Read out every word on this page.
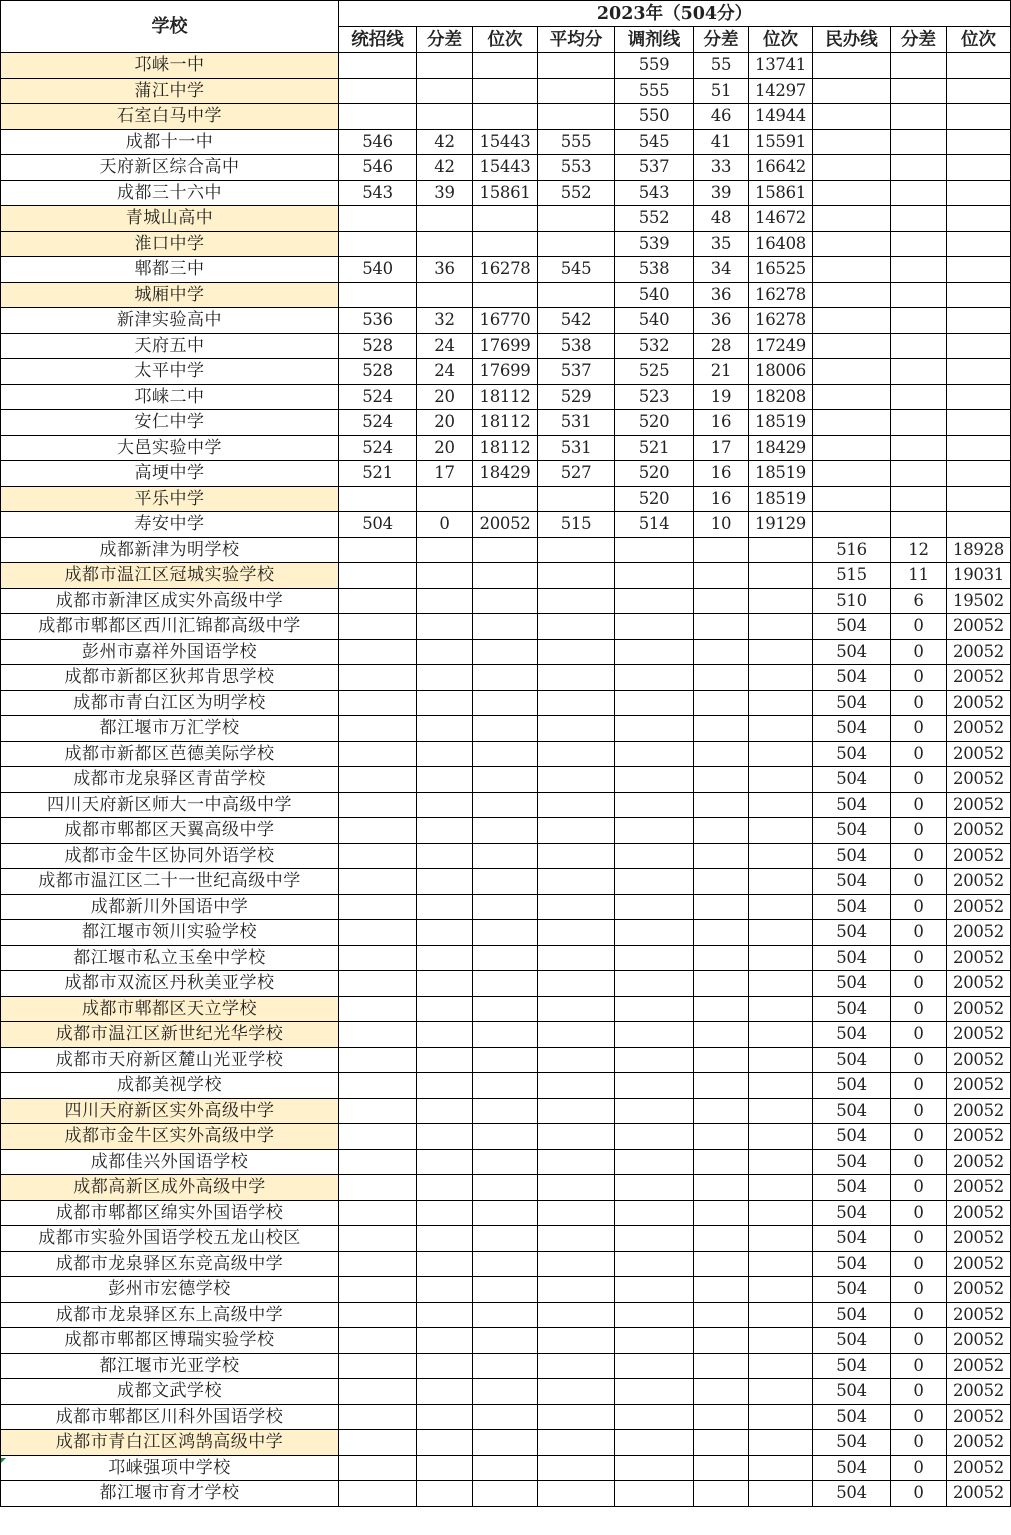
学校	2023年（504分）									
	统招线	分差	位次	平均分	调剂线	分差	位次	民办线	分差	位次
邛崃一中					559	55	13741			
蒲江中学					555	51	14297			
石室白马中学					550	46	14944			
成都十一中	546	42	15443	555	545	41	15591			
天府新区综合高中	546	42	15443	553	537	33	16642			
成都三十六中	543	39	15861	552	543	39	15861			
青城山高中					552	48	14672			
淮口中学					539	35	16408			
郫都三中	540	36	16278	545	538	34	16525			
城厢中学					540	36	16278			
新津实验高中	536	32	16770	542	540	36	16278			
天府五中	528	24	17699	538	532	28	17249			
太平中学	528	24	17699	537	525	21	18006			
邛崃二中	524	20	18112	529	523	19	18208			
安仁中学	524	20	18112	531	520	16	18519			
大邑实验中学	524	20	18112	531	521	17	18429			
高埂中学	521	17	18429	527	520	16	18519			
平乐中学					520	16	18519			
寿安中学	504	0	20052	515	514	10	19129			
成都新津为明学校								516	12	18928
成都市温江区冠城实验学校								515	11	19031
成都市新津区成实外高级中学								510	6	19502
成都市郫都区西川汇锦都高级中学								504	0	20052
彭州市嘉祥外国语学校								504	0	20052
成都市新都区狄邦肯思学校								504	0	20052
成都市青白江区为明学校								504	0	20052
都江堰市万汇学校								504	0	20052
成都市新都区芭德美际学校								504	0	20052
成都市龙泉驿区青苗学校								504	0	20052
四川天府新区师大一中高级中学								504	0	20052
成都市郫都区天翼高级中学								504	0	20052
成都市金牛区协同外语学校								504	0	20052
成都市温江区二十一世纪高级中学								504	0	20052
成都新川外国语中学								504	0	20052
都江堰市领川实验学校								504	0	20052
都江堰市私立玉垒中学校								504	0	20052
成都市双流区丹秋美亚学校								504	0	20052
成都市郫都区天立学校								504	0	20052
成都市温江区新世纪光华学校								504	0	20052
成都市天府新区麓山光亚学校								504	0	20052
成都美视学校								504	0	20052
四川天府新区实外高级中学								504	0	20052
成都市金牛区实外高级中学								504	0	20052
成都佳兴外国语学校								504	0	20052
成都高新区成外高级中学								504	0	20052
成都市郫都区绵实外国语学校								504	0	20052
成都市实验外国语学校五龙山校区								504	0	20052
成都市龙泉驿区东竞高级中学								504	0	20052
彭州市宏德学校								504	0	20052
成都市龙泉驿区东上高级中学								504	0	20052
成都市郫都区博瑞实验学校								504	0	20052
都江堰市光亚学校								504	0	20052
成都文武学校								504	0	20052
成都市郫都区川科外国语学校								504	0	20052
成都市青白江区鸿鹄高级中学								504	0	20052
邛崃强项中学校								504	0	20052
都江堰市育才学校								504	0	20052
